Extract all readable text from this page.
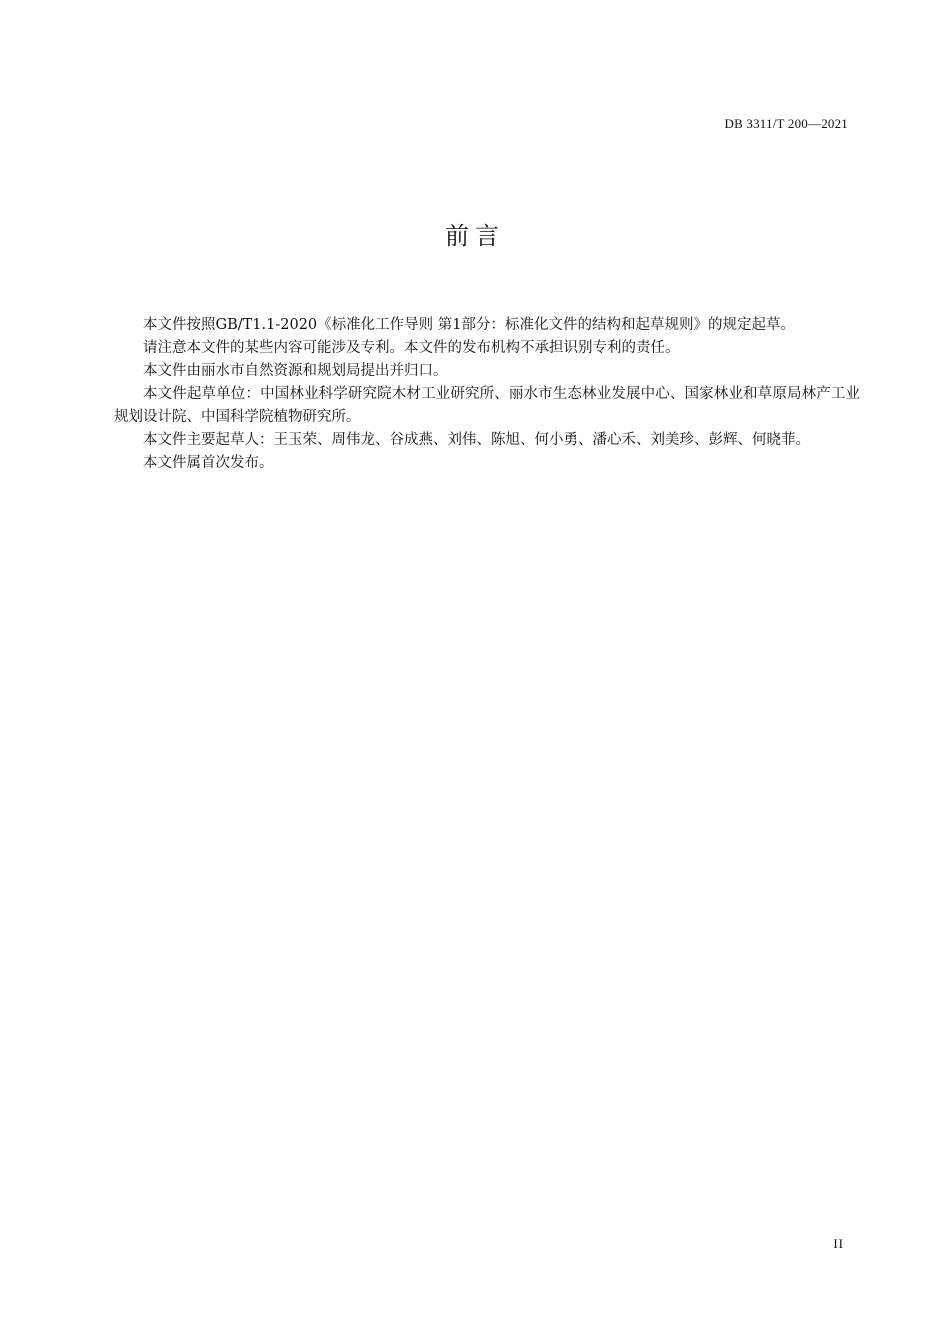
DB 3311/T 200—2021
前言

本文件按照GB/T1.1-2020《标准化工作导则 第1部分：标准化文件的结构和起草规则》的规定起草。

请注意本文件的某些内容可能涉及专利。本文件的发布机构不承担识别专利的责任。

本文件由丽水市自然资源和规划局提出并归口。

本文件起草单位：中国林业科学研究院木材工业研究所、丽水市生态林业发展中心、国家林业和草原局林产工业规划设计院、中国科学院植物研究所。

本文件主要起草人：王玉荣、周伟龙、谷成燕、刘伟、陈旭、何小勇、潘心禾、刘美珍、彭辉、何晓菲。

本文件属首次发布。

II
